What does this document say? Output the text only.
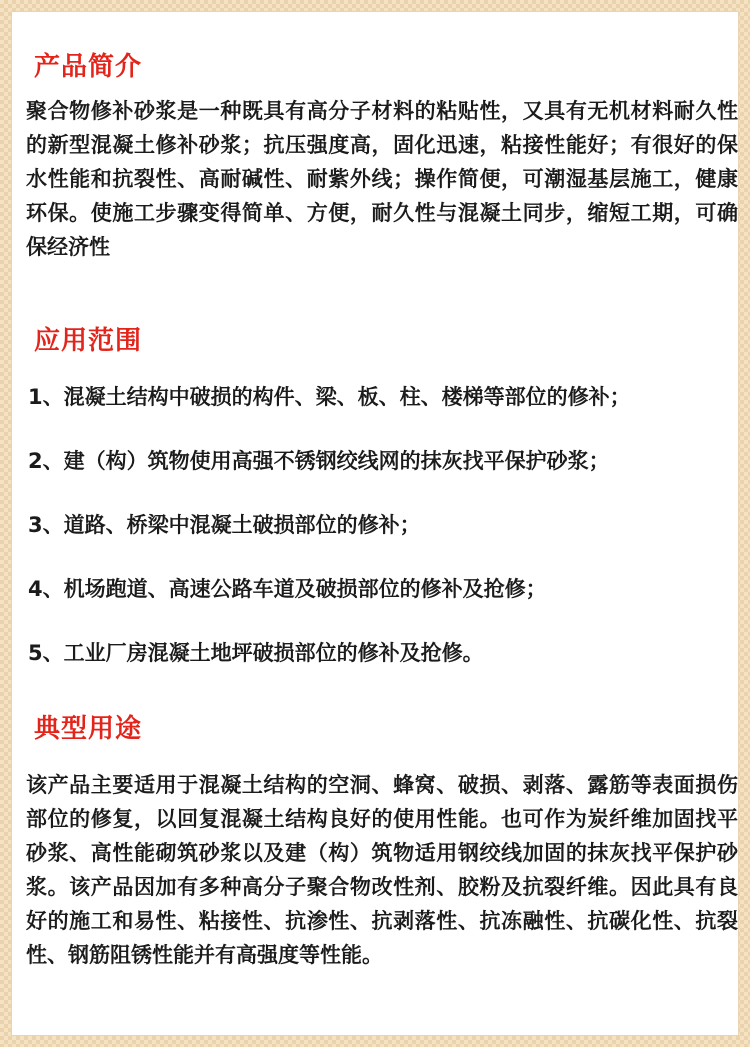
产品简介

聚合物修补砂浆是一种既具有高分子材料的粘贴性，又具有无机材料耐久性的新型混凝土修补砂浆；抗压强度高，固化迅速，粘接性能好；有很好的保水性能和抗裂性、高耐碱性、耐紫外线；操作简便，可潮湿基层施工，健康环保。使施工步骤变得简单、方便，耐久性与混凝土同步，缩短工期，可确保经济性

应用范围

1、混凝土结构中破损的构件、梁、板、柱、楼梯等部位的修补；

2、建（构）筑物使用高强不锈钢绞线网的抹灰找平保护砂浆；

3、道路、桥梁中混凝土破损部位的修补；

4、机场跑道、高速公路车道及破损部位的修补及抢修；

5、工业厂房混凝土地坪破损部位的修补及抢修。

典型用途

该产品主要适用于混凝土结构的空洞、蜂窝、破损、剥落、露筋等表面损伤部位的修复，以回复混凝土结构良好的使用性能。也可作为炭纤维加固找平砂浆、高性能砌筑砂浆以及建（构）筑物适用钢绞线加固的抹灰找平保护砂浆。该产品因加有多种高分子聚合物改性剂、胶粉及抗裂纤维。因此具有良好的施工和易性、粘接性、抗渗性、抗剥落性、抗冻融性、抗碳化性、抗裂性、钢筋阻锈性能并有高强度等性能。
